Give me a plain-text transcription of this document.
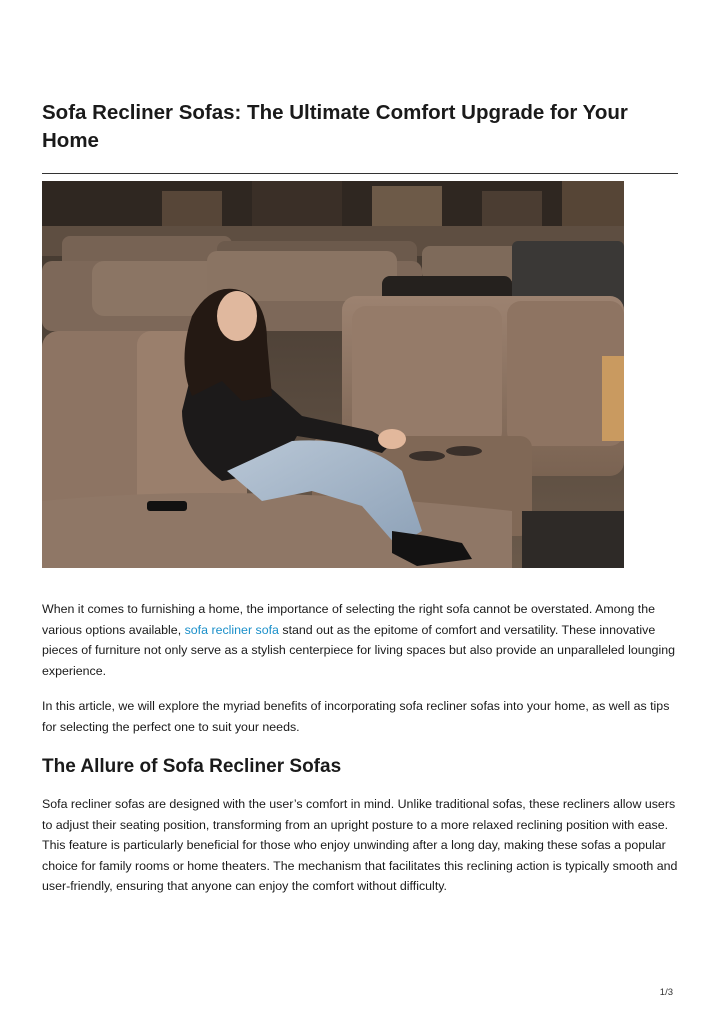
Sofa Recliner Sofas: The Ultimate Comfort Upgrade for Your Home

When it comes to furnishing a home, the importance of selecting the right sofa cannot be overstated. Among the various options available, sofa recliner sofa stand out as the epitome of comfort and versatility. These innovative pieces of furniture not only serve as a stylish centerpiece for living spaces but also provide an unparalleled lounging experience.

In this article, we will explore the myriad benefits of incorporating sofa recliner sofas into your home, as well as tips for selecting the perfect one to suit your needs.

The Allure of Sofa Recliner Sofas

Sofa recliner sofas are designed with the user’s comfort in mind. Unlike traditional sofas, these recliners allow users to adjust their seating position, transforming from an upright posture to a more relaxed reclining position with ease. This feature is particularly beneficial for those who enjoy unwinding after a long day, making these sofas a popular choice for family rooms or home theaters. The mechanism that facilitates this reclining action is typically smooth and user-friendly, ensuring that anyone can enjoy the comfort without difficulty.

1/3
